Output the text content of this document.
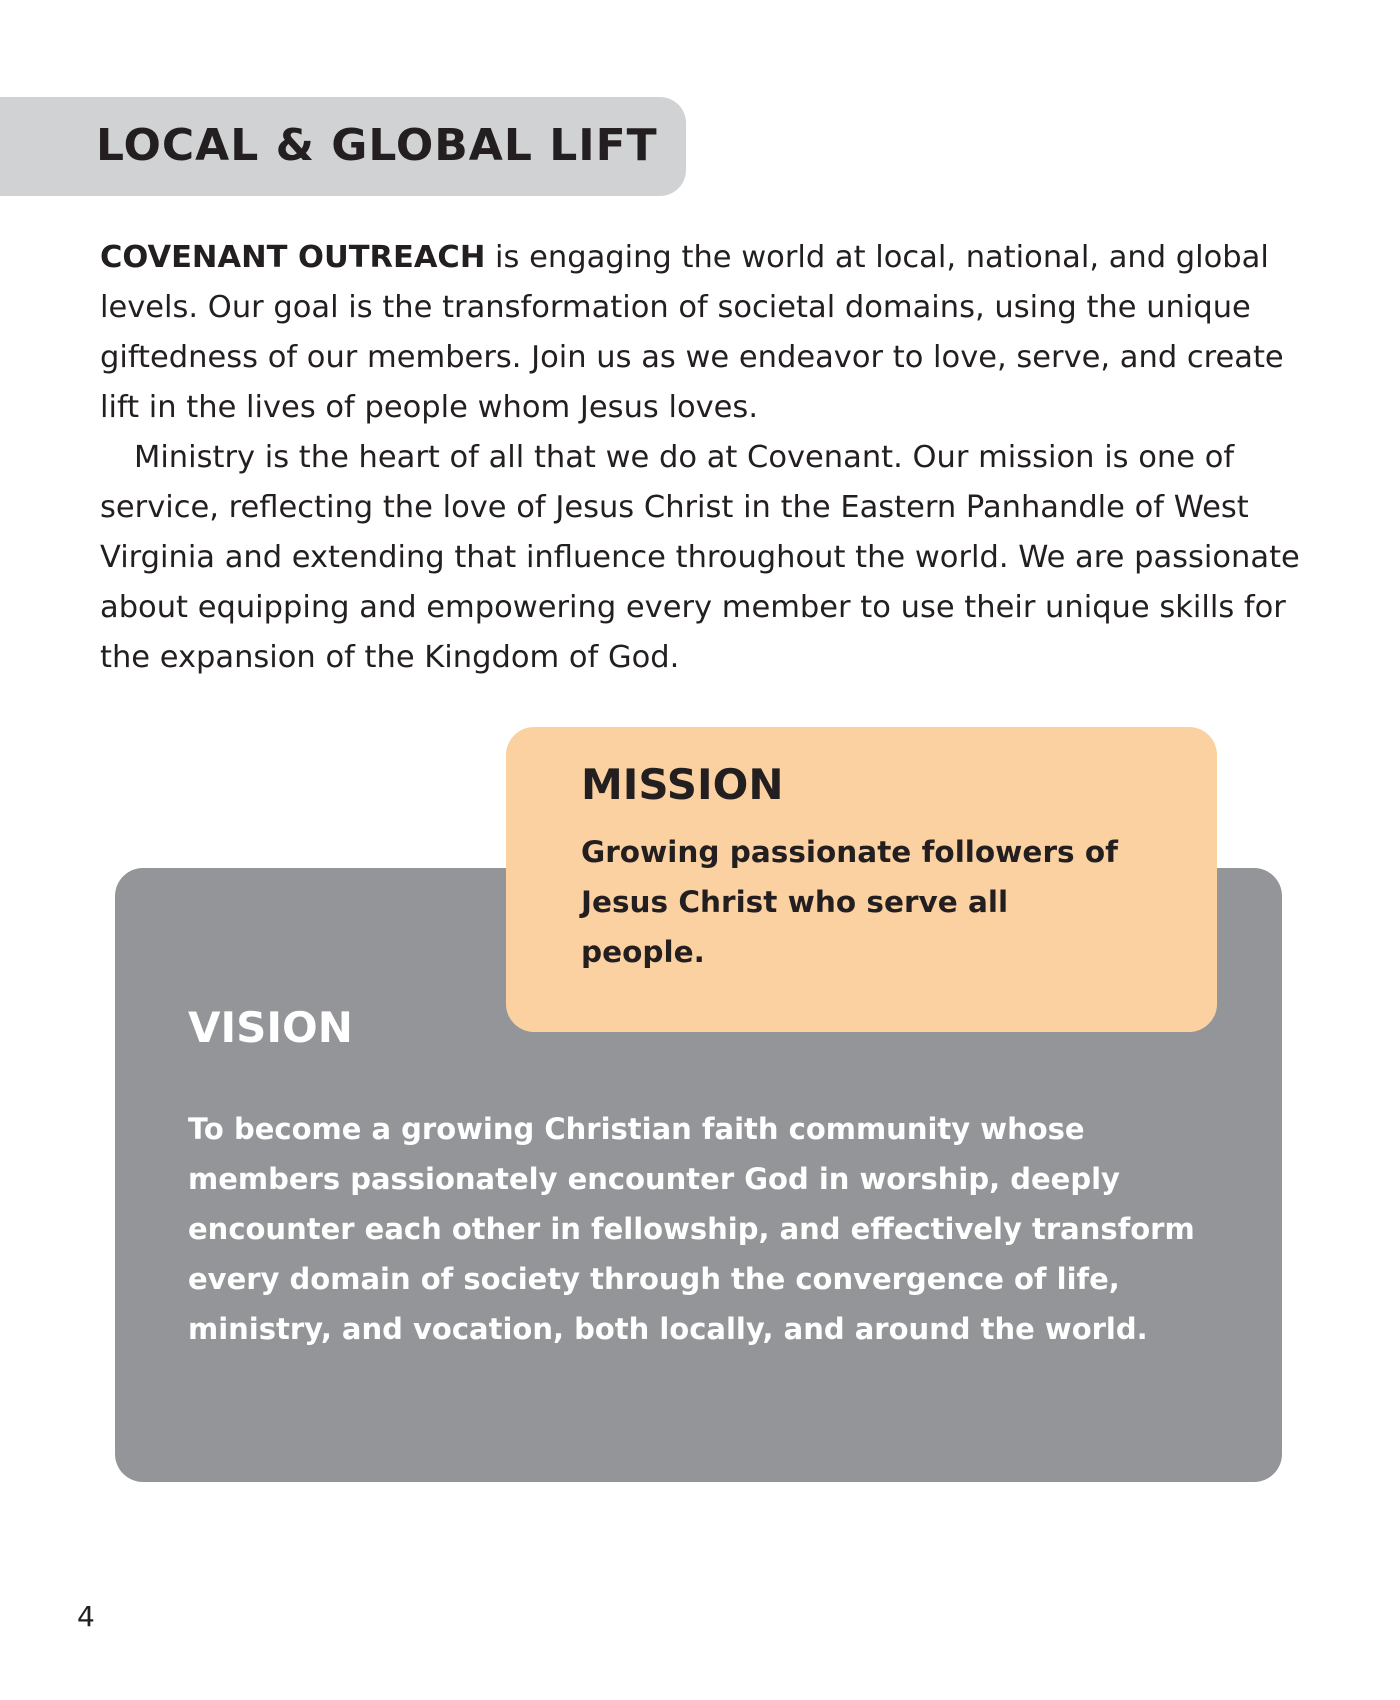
LOCAL & GLOBAL LIFT

COVENANT OUTREACH is engaging the world at local, national, and global levels. Our goal is the transformation of societal domains, using the unique giftedness of our members. Join us as we endeavor to love, serve, and create lift in the lives of people whom Jesus loves.

Ministry is the heart of all that we do at Covenant. Our mission is one of service, reflecting the love of Jesus Christ in the Eastern Panhandle of West Virginia and extending that influence throughout the world. We are passionate about equipping and empowering every member to use their unique skills for the expansion of the Kingdom of God.

VISION

To become a growing Christian faith community whose members passionately encounter God in worship, deeply encounter each other in fellowship, and effectively transform every domain of society through the convergence of life, ministry, and vocation, both locally, and around the world.

MISSION

Growing passionate followers of Jesus Christ who serve all people.

4
